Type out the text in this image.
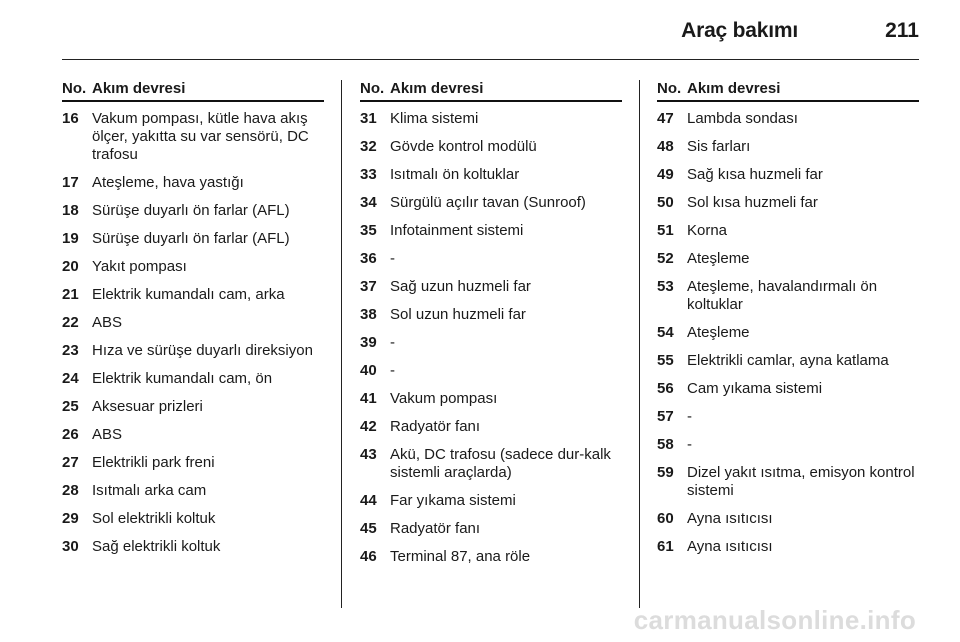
Araç bakımı	211
No. Akım devresi
16 Vakum pompası, kütle hava akış ölçer, yakıtta su var sensörü, DC trafosu
17 Ateşleme, hava yastığı
18 Sürüşe duyarlı ön farlar (AFL)
19 Sürüşe duyarlı ön farlar (AFL)
20 Yakıt pompası
21 Elektrik kumandalı cam, arka
22 ABS
23 Hıza ve sürüşe duyarlı direksiyon
24 Elektrik kumandalı cam, ön
25 Aksesuar prizleri
26 ABS
27 Elektrikli park freni
28 Isıtmalı arka cam
29 Sol elektrikli koltuk
30 Sağ elektrikli koltuk
No. Akım devresi
31 Klima sistemi
32 Gövde kontrol modülü
33 Isıtmalı ön koltuklar
34 Sürgülü açılır tavan (Sunroof)
35 Infotainment sistemi
36 -
37 Sağ uzun huzmeli far
38 Sol uzun huzmeli far
39 -
40 -
41 Vakum pompası
42 Radyatör fanı
43 Akü, DC trafosu (sadece dur-kalk sistemli araçlarda)
44 Far yıkama sistemi
45 Radyatör fanı
46 Terminal 87, ana röle
No. Akım devresi
47 Lambda sondası
48 Sis farları
49 Sağ kısa huzmeli far
50 Sol kısa huzmeli far
51 Korna
52 Ateşleme
53 Ateşleme, havalandırmalı ön koltuklar
54 Ateşleme
55 Elektrikli camlar, ayna katlama
56 Cam yıkama sistemi
57 -
58 -
59 Dizel yakıt ısıtma, emisyon kontrol sistemi
60 Ayna ısıtıcısı
61 Ayna ısıtıcısı
carmanualsonline.info
